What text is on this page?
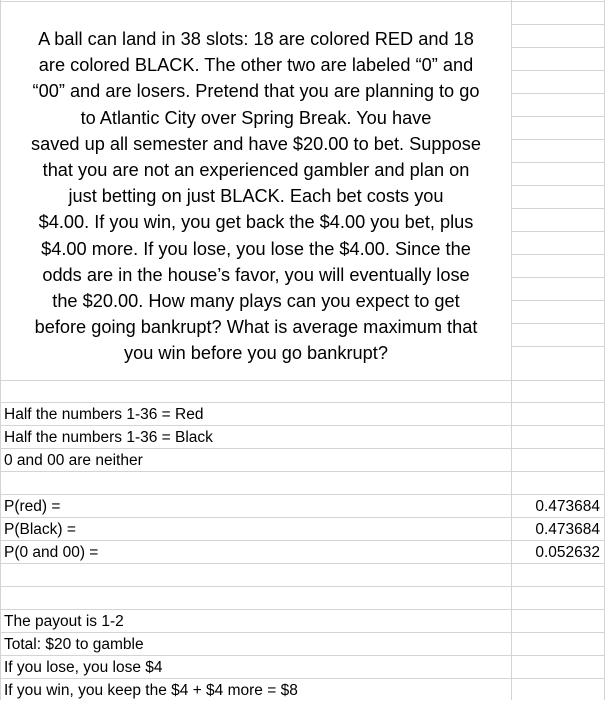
A ball can land in 38 slots: 18 are colored RED and 18
are colored BLACK. The other two are labeled “0” and
“00” and are losers. Pretend that you are planning to go
to Atlantic City over Spring Break. You have
saved up all semester and have $20.00 to bet. Suppose
that you are not an experienced gambler and plan on
just betting on just BLACK. Each bet costs you
$4.00. If you win, you get back the $4.00 you bet, plus
$4.00 more. If you lose, you lose the $4.00. Since the
odds are in the house’s favor, you will eventually lose
the $20.00. How many plays can you expect to get
before going bankrupt? What is average maximum that
you win before you go bankrupt?
Half the numbers 1-36 = Red
Half the numbers 1-36 = Black
0 and 00 are neither
P(red) =	0.473684
P(Black) =	0.473684
P(0 and 00) =	0.052632
The payout is 1-2
Total: $20 to gamble
If you lose, you lose $4
If you win, you keep the $4 + $4 more = $8
